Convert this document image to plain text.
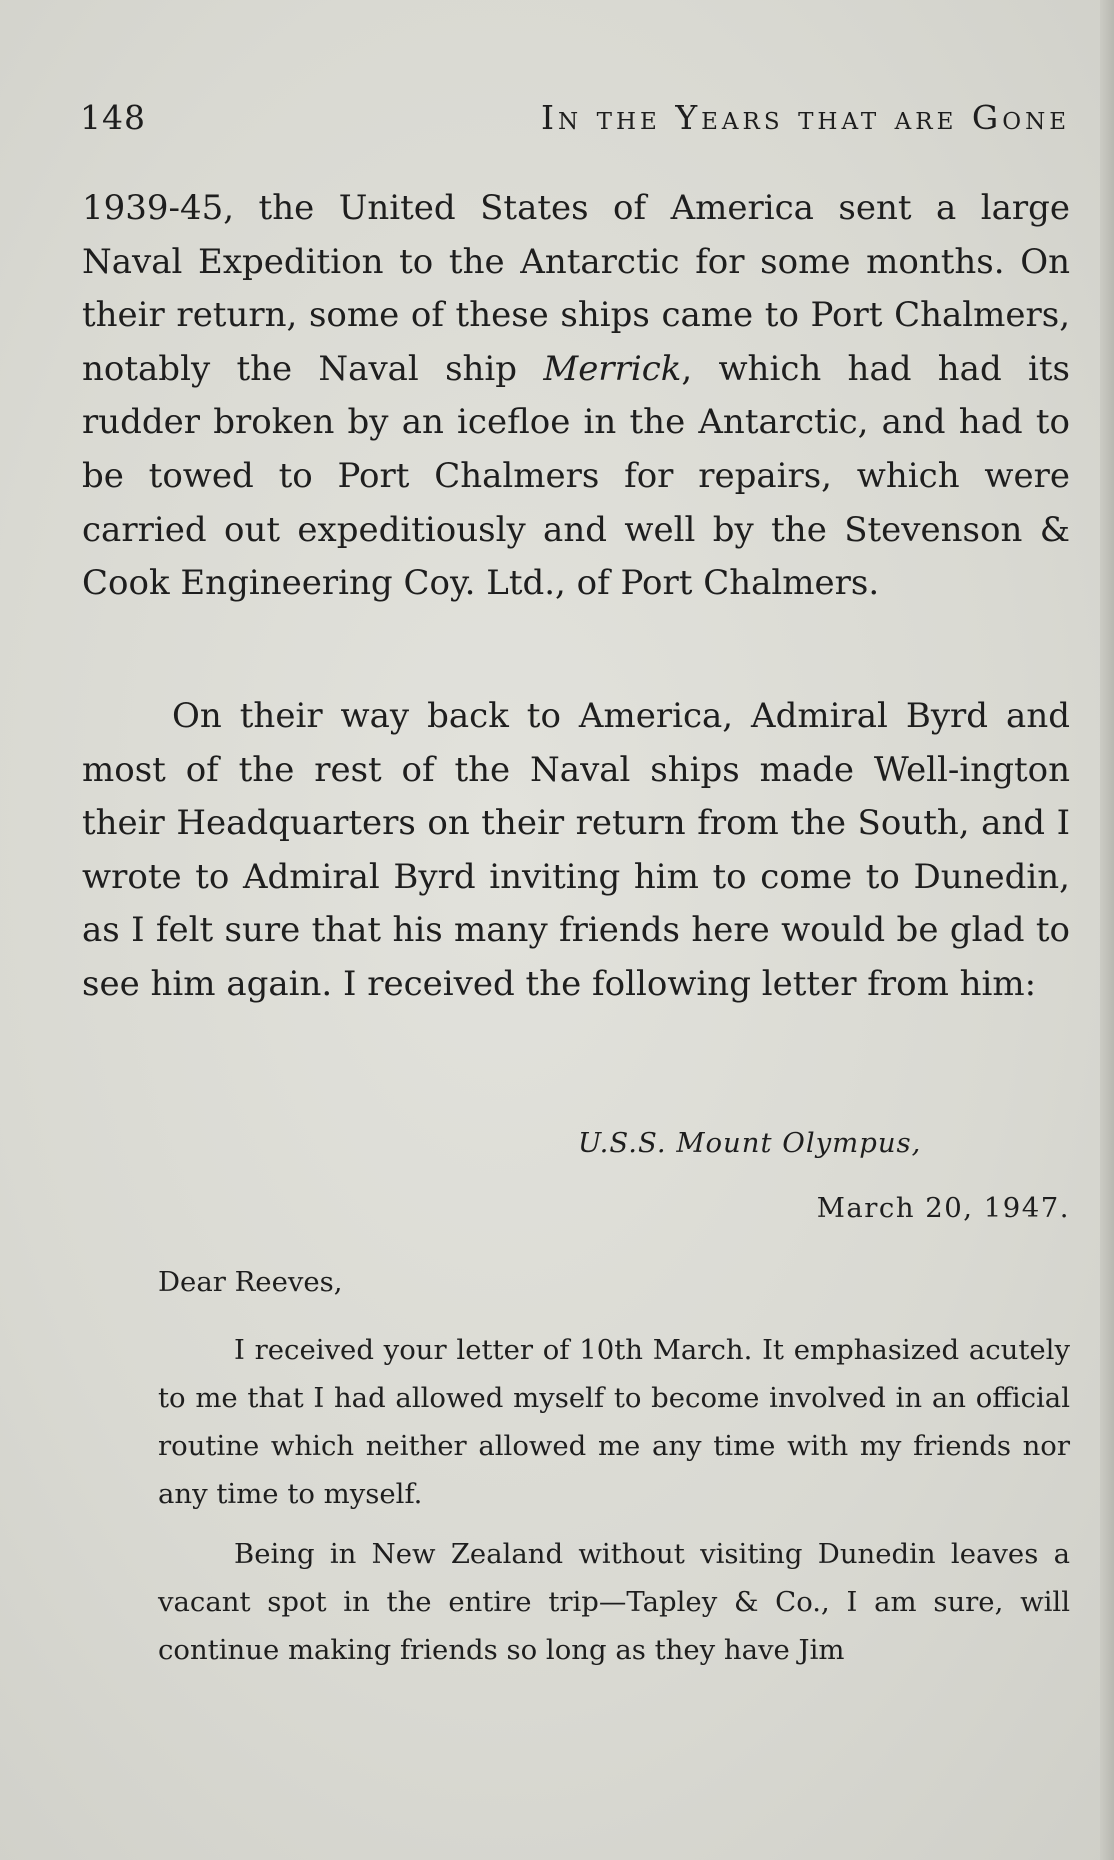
148	In the Years that are Gone

1939-45, the United States of America sent a large Naval Expedition to the Antarctic for some months. On their return, some of these ships came to Port Chalmers, notably the Naval ship Merrick, which had had its rudder broken by an icefloe in the Antarctic, and had to be towed to Port Chalmers for repairs, which were carried out expeditiously and well by the Stevenson & Cook Engineering Coy. Ltd., of Port Chalmers.

On their way back to America, Admiral Byrd and most of the rest of the Naval ships made Well-ington their Headquarters on their return from the South, and I wrote to Admiral Byrd inviting him to come to Dunedin, as I felt sure that his many friends here would be glad to see him again. I received the following letter from him:

U.S.S. Mount Olympus,
March 20, 1947.
Dear Reeves,

I received your letter of 10th March. It emphasized acutely to me that I had allowed myself to become involved in an official routine which neither allowed me any time with my friends nor any time to myself.

Being in New Zealand without visiting Dunedin leaves a vacant spot in the entire trip—Tapley & Co., I am sure, will continue making friends so long as they have Jim
